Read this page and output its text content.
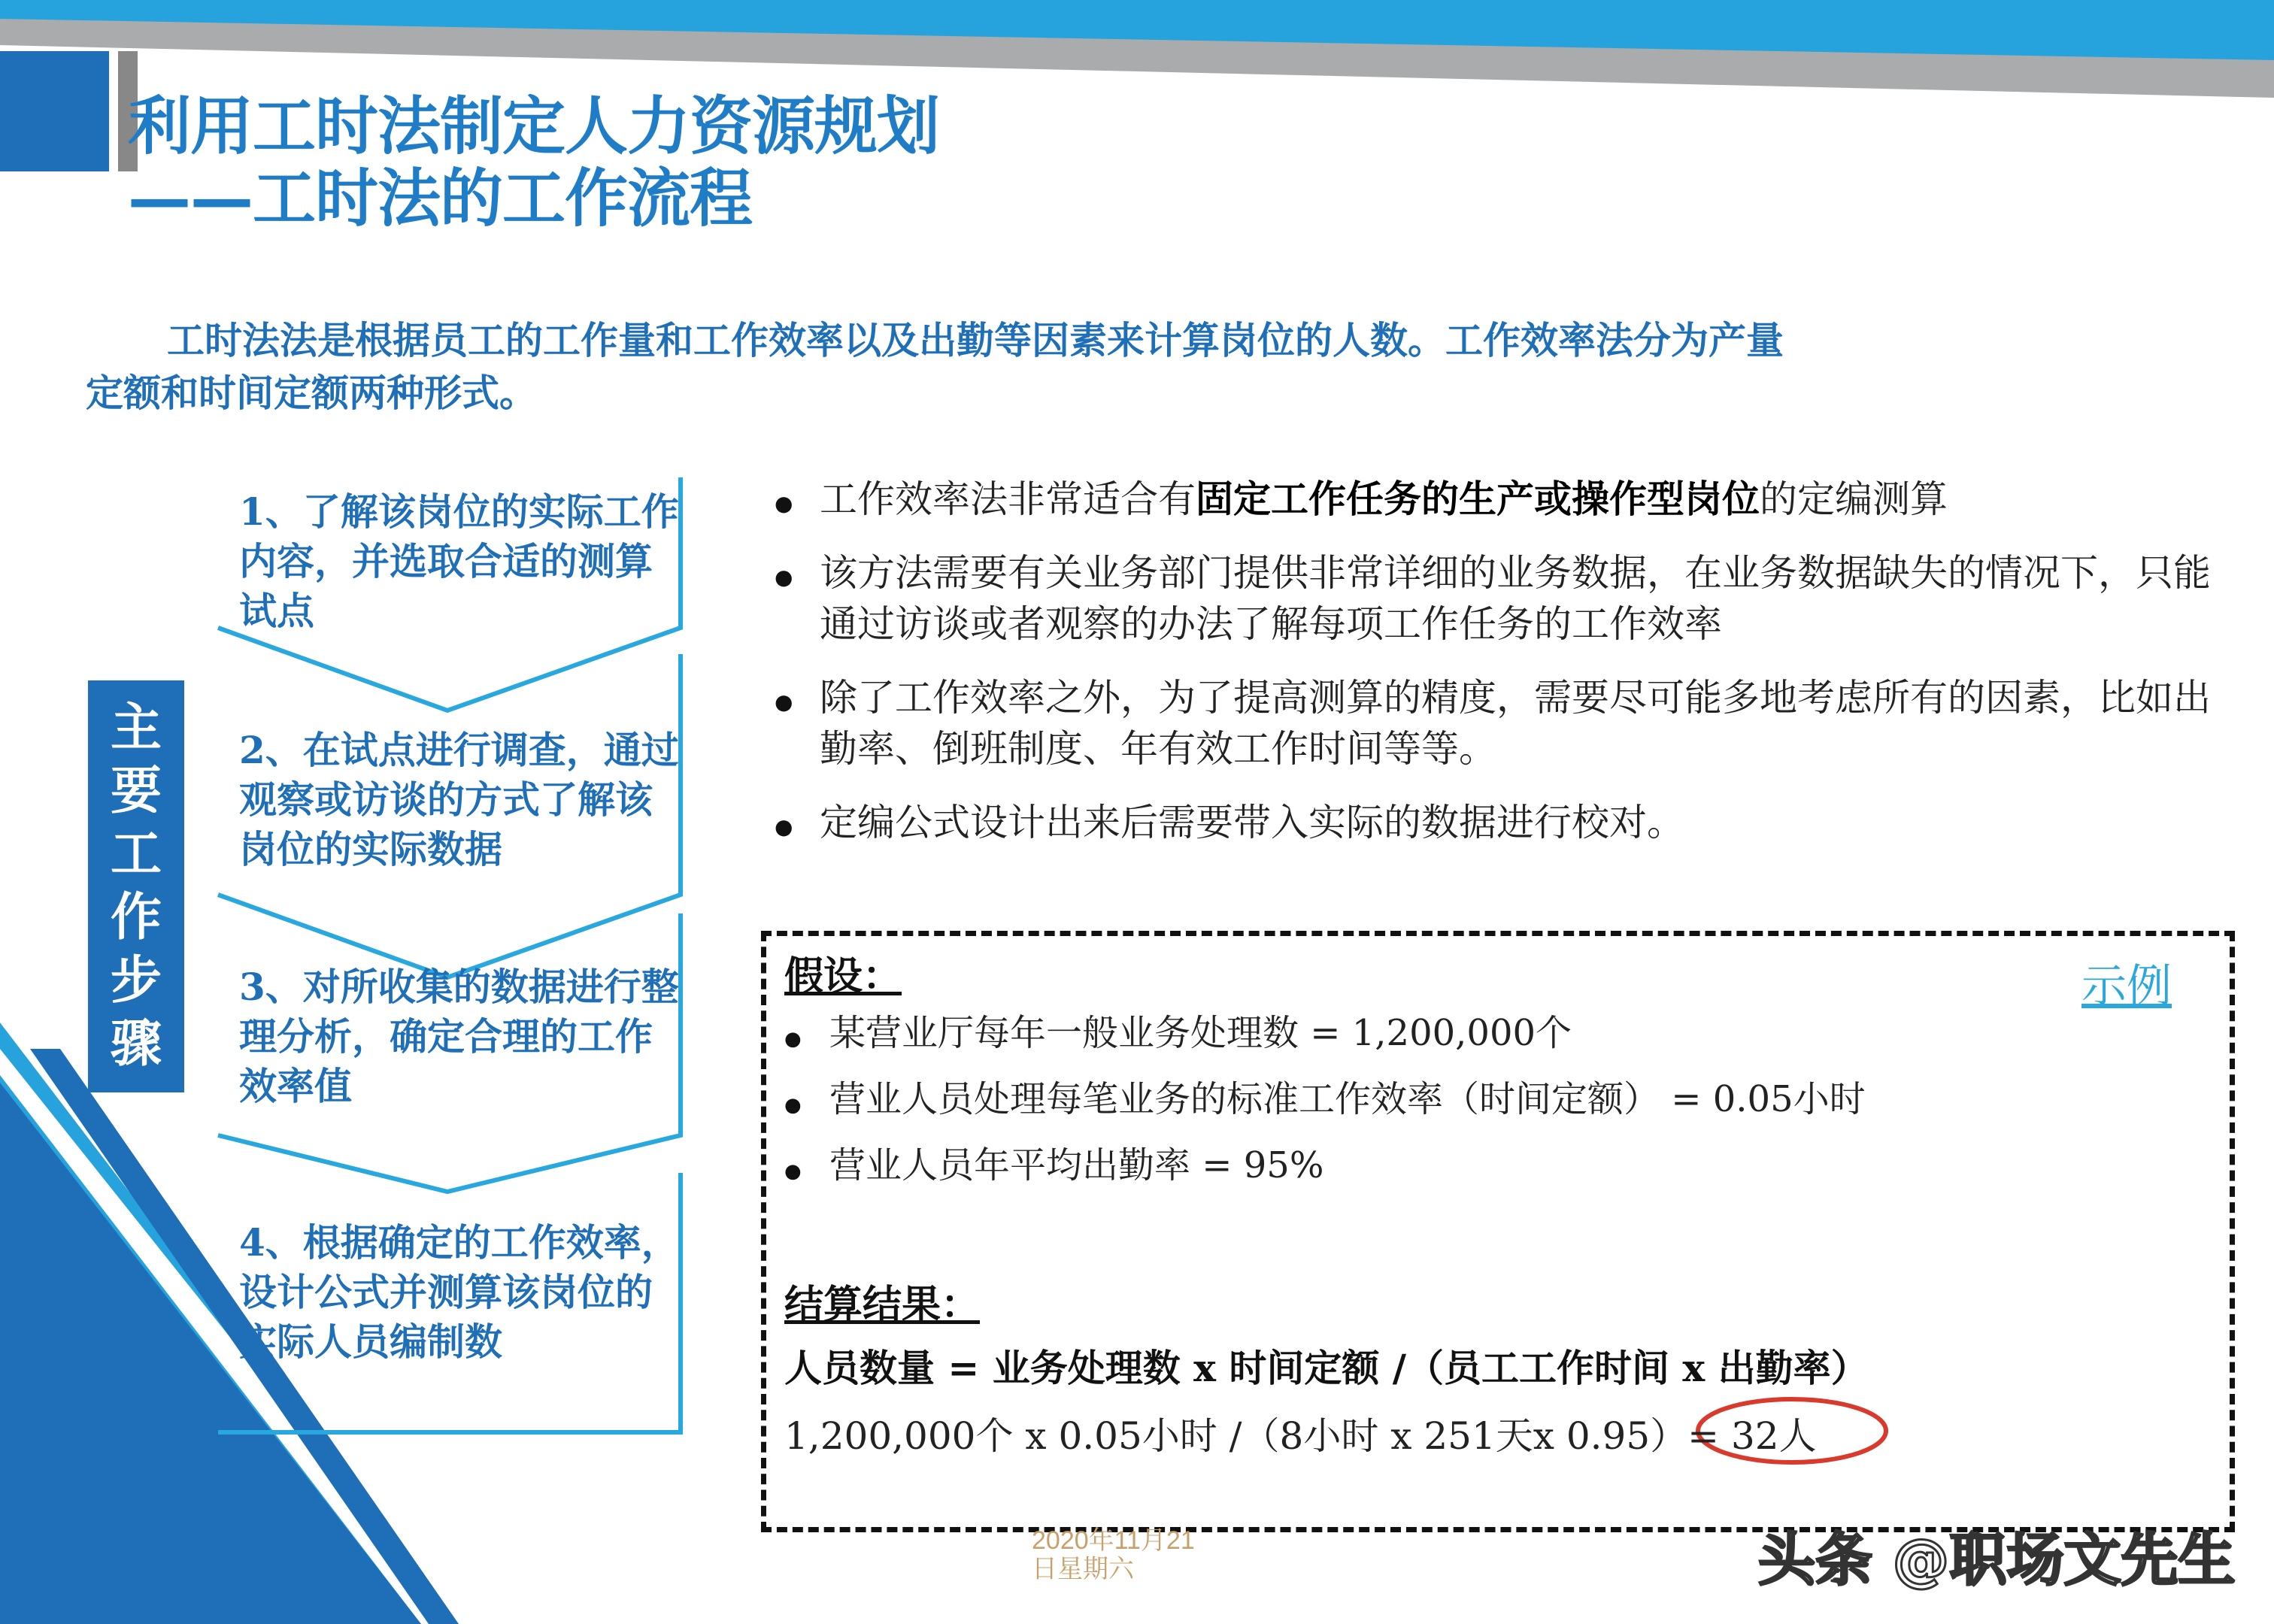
利用工时法制定人力资源规划
——工时法的工作流程
工时法法是根据员工的工作量和工作效率以及出勤等因素来计算岗位的人数。工作效率法分为产量
定额和时间定额两种形式。
主
要
工
作
步
骤
1、了解该岗位的实际工作内容，并选取合适的测算试点
2、在试点进行调查，通过观察或访谈的方式了解该岗位的实际数据
3、对所收集的数据进行整理分析，确定合理的工作效率值
4、根据确定的工作效率，设计公式并测算该岗位的实际人员编制数
● 工作效率法非常适合有固定工作任务的生产或操作型岗位的定编测算
● 该方法需要有关业务部门提供非常详细的业务数据，在业务数据缺失的情况下，只能通过访谈或者观察的办法了解每项工作任务的工作效率
● 除了工作效率之外，为了提高测算的精度，需要尽可能多地考虑所有的因素，比如出勤率、倒班制度、年有效工作时间等等。
● 定编公式设计出来后需要带入实际的数据进行校对。
示例
假设：
● 某营业厅每年一般业务处理数 = 1,200,000个
● 营业人员处理每笔业务的标准工作效率（时间定额） = 0.05小时
● 营业人员年平均出勤率 = 95%
结算结果：
人员数量 = 业务处理数 x 时间定额 /（员工工作时间 x 出勤率）
1,200,000个 x 0.05小时 /（8小时 x 251天x 0.95）= 32人
2020年11月21
日星期六	头条 @职场文先生
